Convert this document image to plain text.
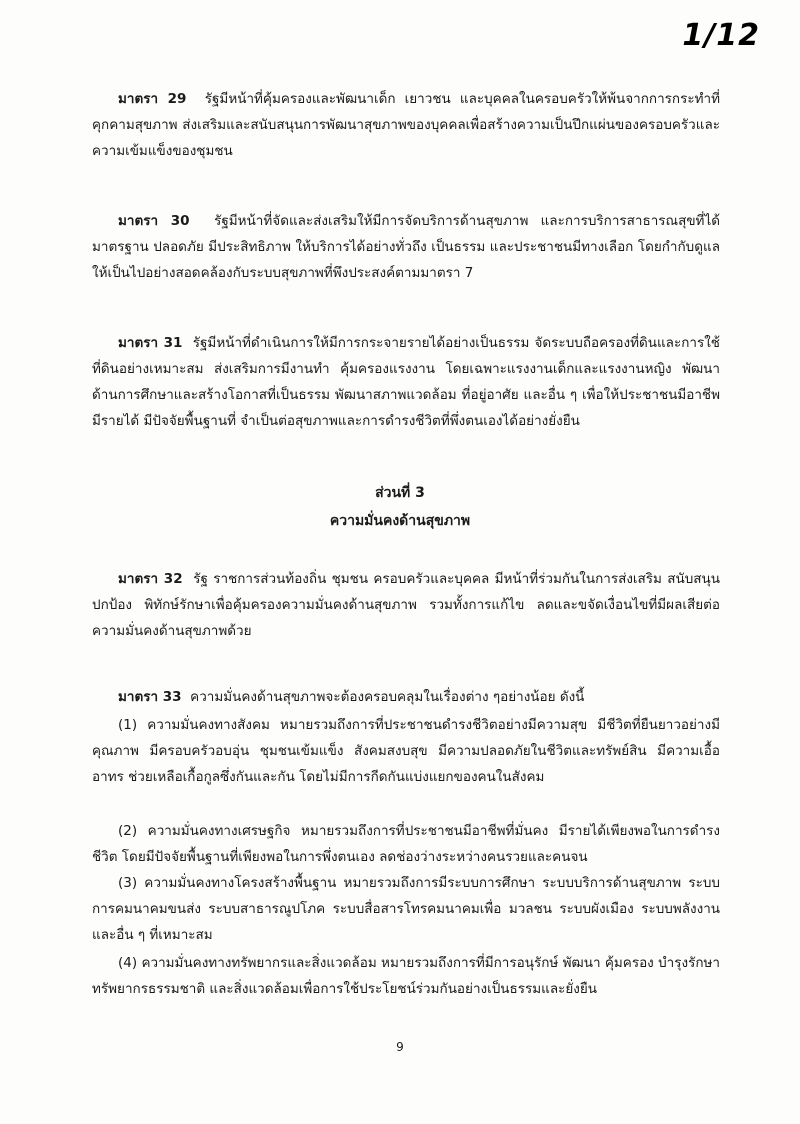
1/12

มาตรา 29 รัฐมีหน้าที่คุ้มครองและพัฒนาเด็ก เยาวชน และบุคคลในครอบครัวให้พ้นจากการกระทำที่คุกคามสุขภาพ ส่งเสริมและสนับสนุนการพัฒนาสุขภาพของบุคคลเพื่อสร้างความเป็นปึกแผ่นของครอบครัวและความเข้มแข็งของชุมชน

มาตรา 30 รัฐมีหน้าที่จัดและส่งเสริมให้มีการจัดบริการด้านสุขภาพ และการบริการสาธารณสุขที่ได้มาตรฐาน ปลอดภัย มีประสิทธิภาพ ให้บริการได้อย่างทั่วถึง เป็นธรรม และประชาชนมีทางเลือก โดยกำกับดูแลให้เป็นไปอย่างสอดคล้องกับระบบสุขภาพที่พึงประสงค์ตามมาตรา 7

มาตรา 31 รัฐมีหน้าที่ดำเนินการให้มีการกระจายรายได้อย่างเป็นธรรม จัดระบบถือครองที่ดินและการใช้ที่ดินอย่างเหมาะสม ส่งเสริมการมีงานทำ คุ้มครองแรงงาน โดยเฉพาะแรงงานเด็กและแรงงานหญิง พัฒนาด้านการศึกษาและสร้างโอกาสที่เป็นธรรม พัฒนาสภาพแวดล้อม ที่อยู่อาศัย และอื่น ๆ เพื่อให้ประชาชนมีอาชีพ มีรายได้ มีปัจจัยพื้นฐานที่ จำเป็นต่อสุขภาพและการดำรงชีวิตที่พึ่งตนเองได้อย่างยั่งยืน

ส่วนที่ 3
ความมั่นคงด้านสุขภาพ

มาตรา 32 รัฐ ราชการส่วนท้องถิ่น ชุมชน ครอบครัวและบุคคล มีหน้าที่ร่วมกันในการส่งเสริม สนับสนุน ปกป้อง พิทักษ์รักษาเพื่อคุ้มครองความมั่นคงด้านสุขภาพ รวมทั้งการแก้ไข ลดและขจัดเงื่อนไขที่มีผลเสียต่อความมั่นคงด้านสุขภาพด้วย

มาตรา 33 ความมั่นคงด้านสุขภาพจะต้องครอบคลุมในเรื่องต่าง ๆอย่างน้อย ดังนี้

(1) ความมั่นคงทางสังคม หมายรวมถึงการที่ประชาชนดำรงชีวิตอย่างมีความสุข มีชีวิตที่ยืนยาวอย่างมีคุณภาพ มีครอบครัวอบอุ่น ชุมชนเข้มแข็ง สังคมสงบสุข มีความปลอดภัยในชีวิตและทรัพย์สิน มีความเอื้ออาทร ช่วยเหลือเกื้อกูลซึ่งกันและกัน โดยไม่มีการกีดกันแบ่งแยกของคนในสังคม

(2) ความมั่นคงทางเศรษฐกิจ หมายรวมถึงการที่ประชาชนมีอาชีพที่มั่นคง มีรายได้เพียงพอในการดำรงชีวิต โดยมีปัจจัยพื้นฐานที่เพียงพอในการพึ่งตนเอง ลดช่องว่างระหว่างคนรวยและคนจน

(3) ความมั่นคงทางโครงสร้างพื้นฐาน หมายรวมถึงการมีระบบการศึกษา ระบบบริการด้านสุขภาพ ระบบการคมนาคมขนส่ง ระบบสาธารณูปโภค ระบบสื่อสารโทรคมนาคมเพื่อ มวลชน ระบบผังเมือง ระบบพลังงาน และอื่น ๆ ที่เหมาะสม

(4) ความมั่นคงทางทรัพยากรและสิ่งแวดล้อม หมายรวมถึงการที่มีการอนุรักษ์ พัฒนา คุ้มครอง บำรุงรักษาทรัพยากรธรรมชาติ และสิ่งแวดล้อมเพื่อการใช้ประโยชน์ร่วมกันอย่างเป็นธรรมและยั่งยืน

9
